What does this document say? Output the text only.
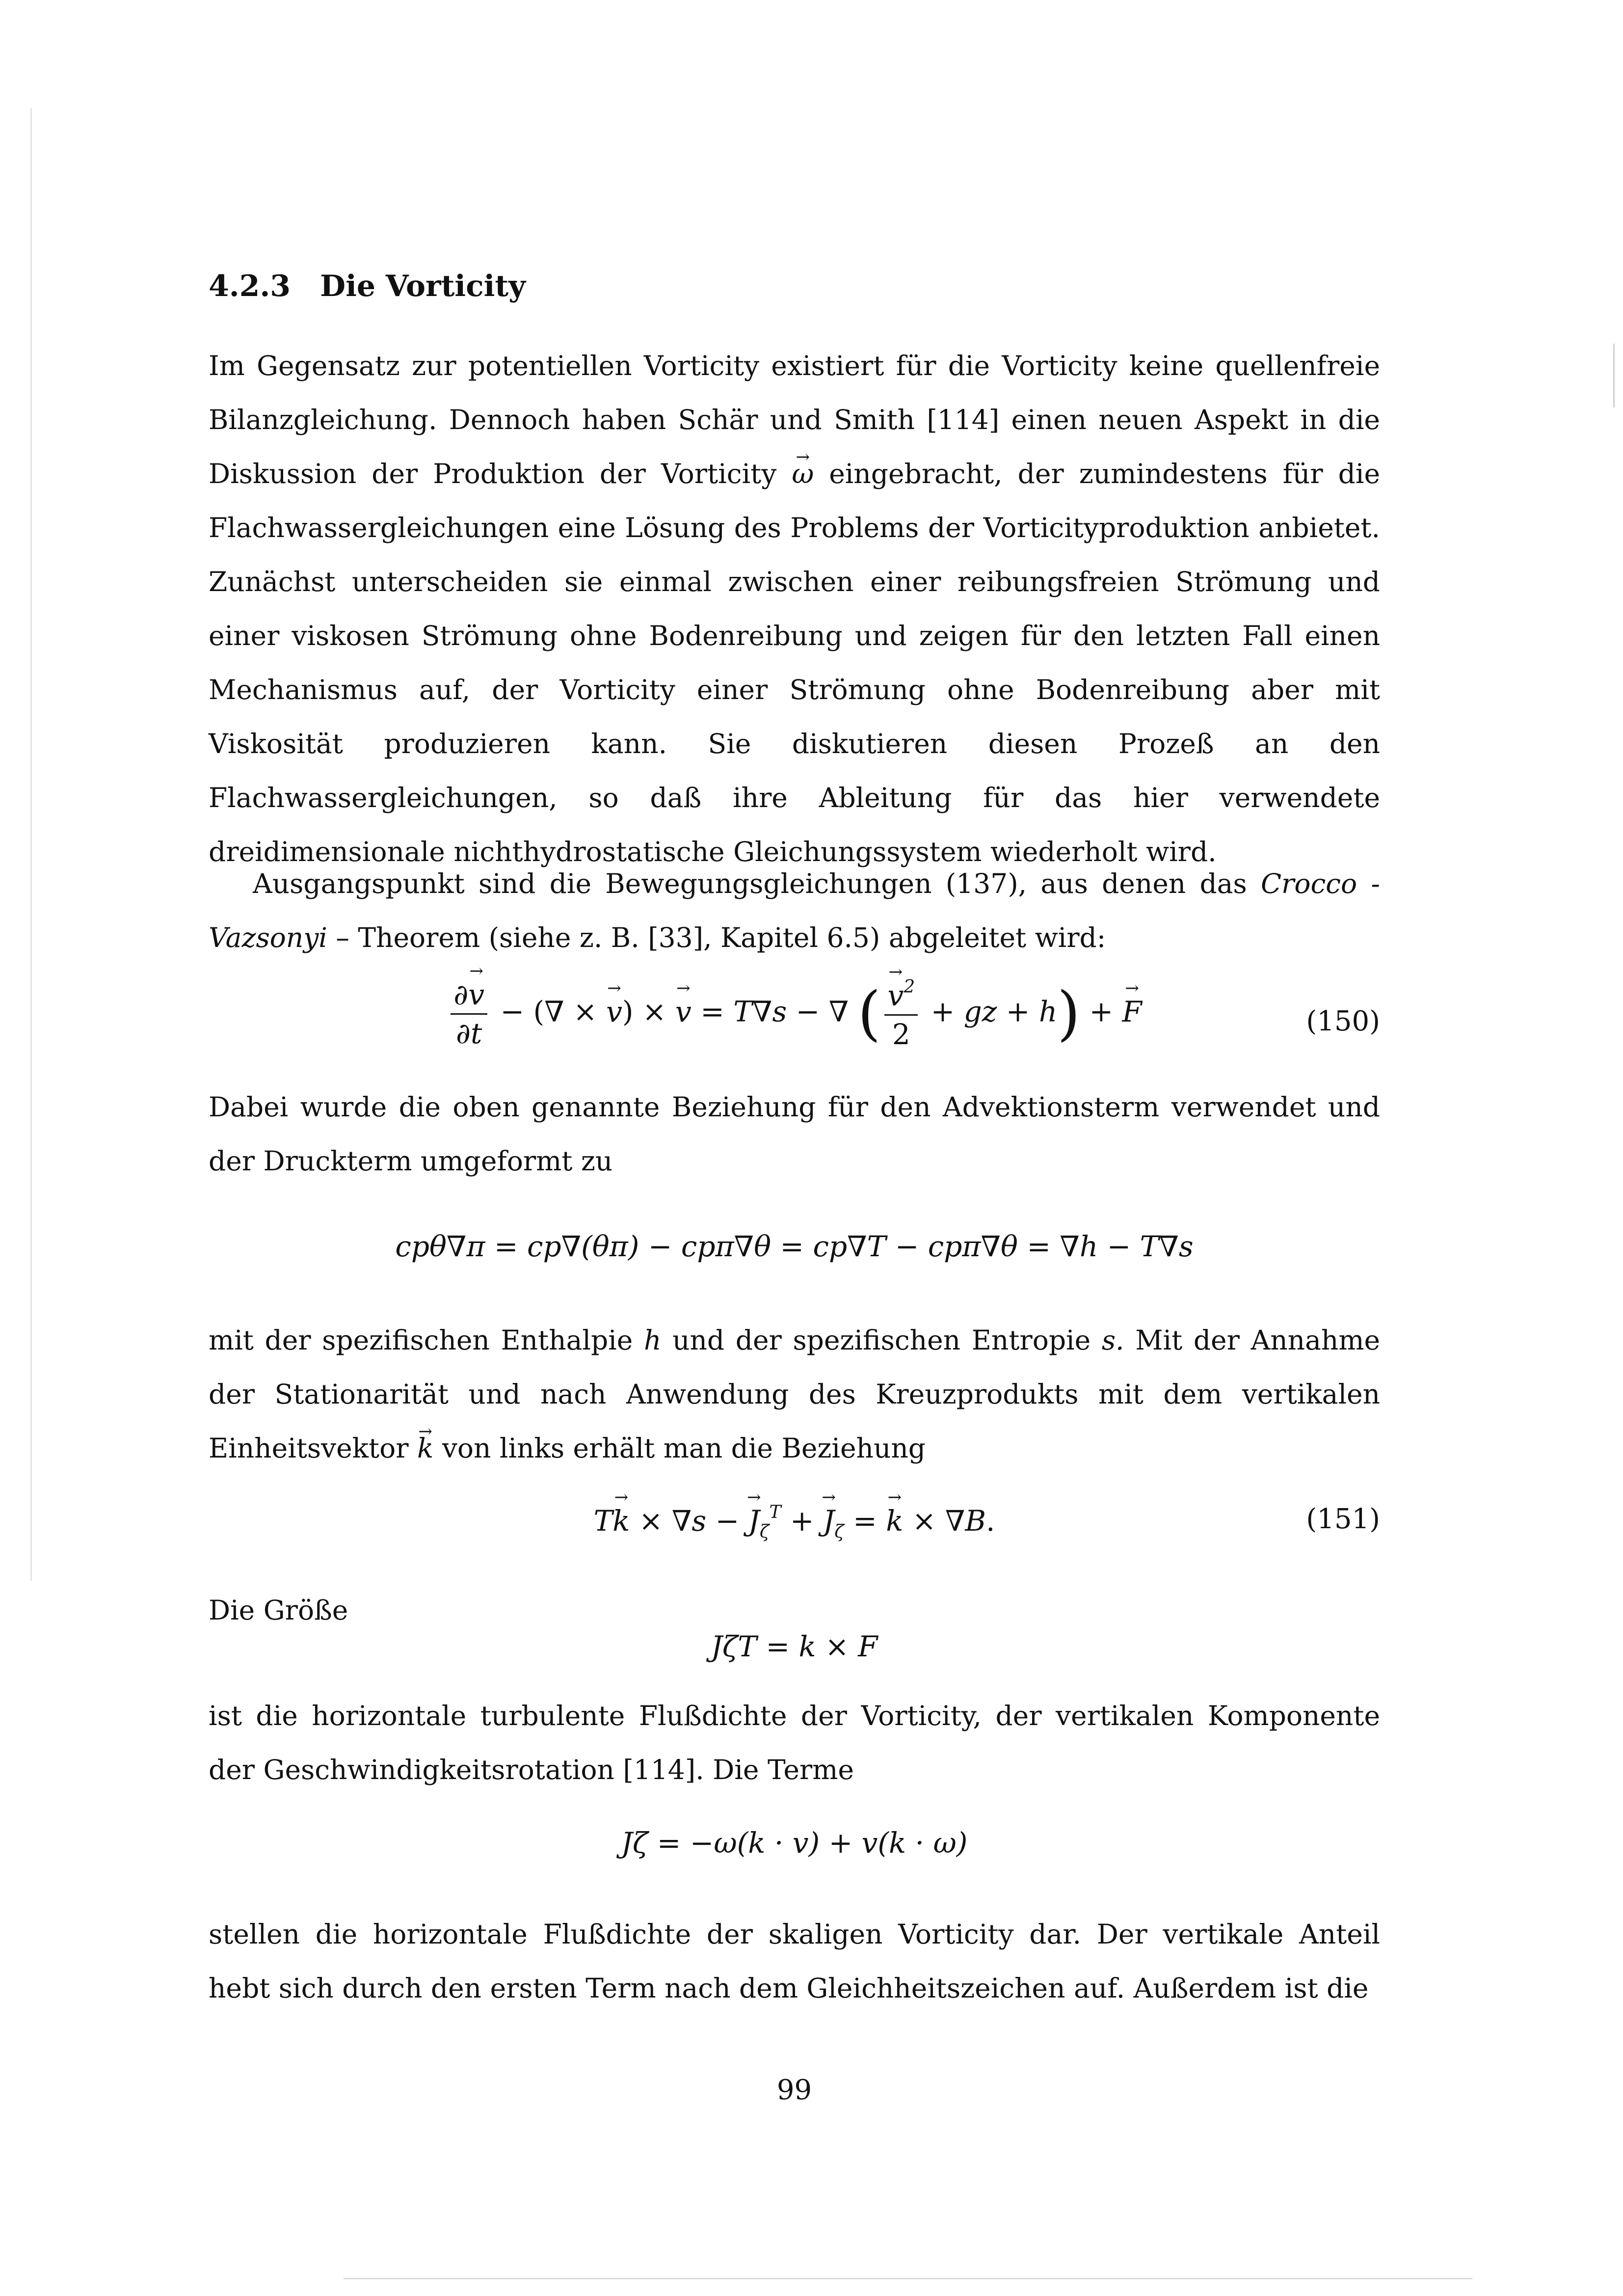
4.2.3 Die Vorticity
Im Gegensatz zur potentiellen Vorticity existiert für die Vorticity keine quellenfreie Bilanzgleichung. Dennoch haben Schär und Smith [114] einen neuen Aspekt in die Diskussion der Produktion der Vorticity → ω eingebracht, der zumindestens für die Flachwassergleichungen eine Lösung des Problems der Vorticityproduktion anbietet. Zunächst unterscheiden sie einmal zwischen einer reibungsfreien Strömung und einer viskosen Strömung ohne Bodenreibung und zeigen für den letzten Fall einen Mechanismus auf, der Vorticity einer Strömung ohne Bodenreibung aber mit Viskosität produzieren kann. Sie diskutieren diesen Prozeß an den Flachwassergleichungen, so daß ihre Ableitung für das hier verwendete dreidimensionale nichthydrostatische Gleichungssystem wiederholt wird.
Ausgangspunkt sind die Bewegungsgleichungen (137), aus denen das Crocco - Vazsonyi – Theorem (siehe z. B. [33], Kapitel 6.5) abgeleitet wird:
$\frac{\partial\to v}{\partial t}$ − (∇ × → v) × → v = T∇s − ∇ ( → $\frac{v^2}{2}$ + gz + h) + → F	(150)
Dabei wurde die oben genannte Beziehung für den Advektionsterm verwendet und der Druckterm umgeformt zu
cpθ∇π = cp∇(θπ) − cpπ∇θ = cp∇T − cpπ∇θ = ∇h − T∇s
mit der spezifischen Enthalpie h und der spezifischen Entropie s. Mit der Annahme der Stationarität und nach Anwendung des Kreuzprodukts mit dem vertikalen Einheitsvektor → k von links erhält man die Beziehung
T→ k × ∇s − → $J_\zeta^T$ + → $J_\zeta$ = → k × ∇B.	(151)
Die Größe
JζT = k × F
ist die horizontale turbulente Flußdichte der Vorticity, der vertikalen Komponente der Geschwindigkeitsrotation [114]. Die Terme
Jζ = −ω(k · v) + v(k · ω)
stellen die horizontale Flußdichte der skaligen Vorticity dar. Der vertikale Anteil hebt sich durch den ersten Term nach dem Gleichheitszeichen auf. Außerdem ist die
99
